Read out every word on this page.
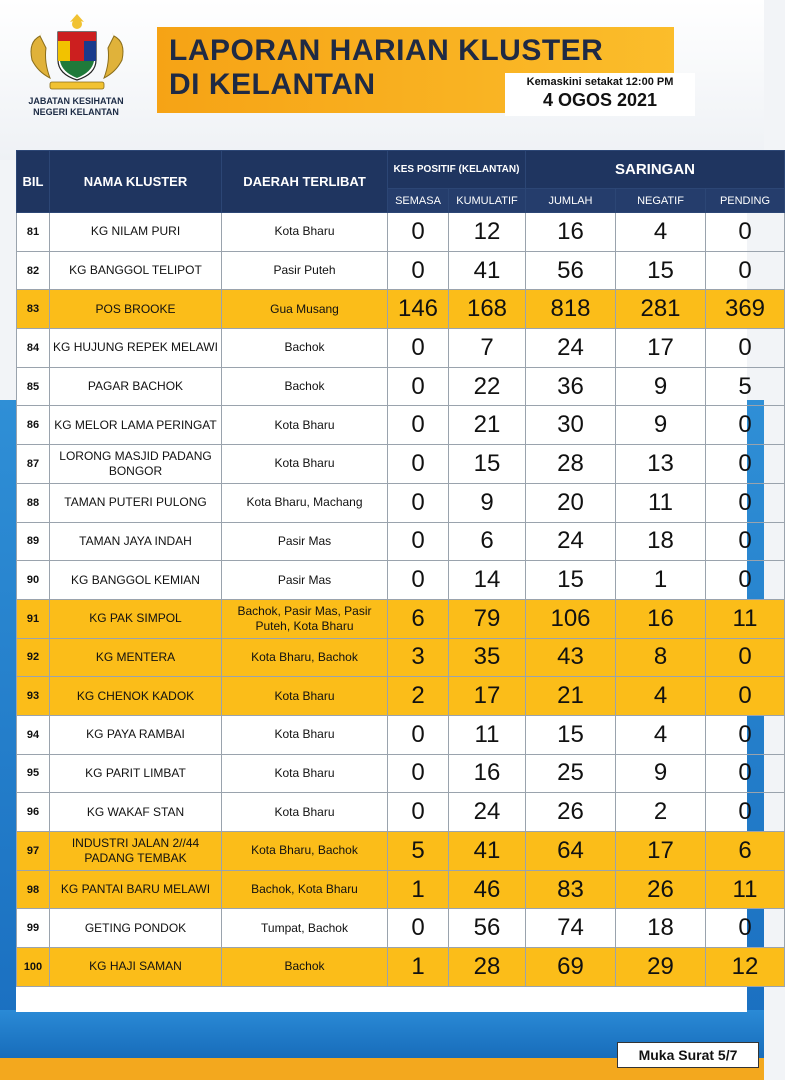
JABATAN KESIHATAN
NEGERI KELANTAN
LAPORAN HARIAN KLUSTER
DI KELANTAN	Kemaskini setakat 12:00 PM
4 OGOS 2021
BIL	NAMA KLUSTER	DAERAH TERLIBAT	KES POSITIF (KELANTAN)		SARINGAN		
			SEMASA	KUMULATIF	JUMLAH	NEGATIF	PENDING
81	KG NILAM PURI	Kota Bharu	0	12	16	4	0
82	KG BANGGOL TELIPOT	Pasir Puteh	0	41	56	15	0
83	POS BROOKE	Gua Musang	146	168	818	281	369
84	KG HUJUNG REPEK MELAWI	Bachok	0	7	24	17	0
85	PAGAR BACHOK	Bachok	0	22	36	9	5
86	KG MELOR LAMA PERINGAT	Kota Bharu	0	21	30	9	0
87	LORONG MASJID PADANG BONGOR	Kota Bharu	0	15	28	13	0
88	TAMAN PUTERI PULONG	Kota Bharu, Machang	0	9	20	11	0
89	TAMAN JAYA INDAH	Pasir Mas	0	6	24	18	0
90	KG BANGGOL KEMIAN	Pasir Mas	0	14	15	1	0
91	KG PAK SIMPOL	Bachok, Pasir Mas, Pasir Puteh, Kota Bharu	6	79	106	16	11
92	KG MENTERA	Kota Bharu, Bachok	3	35	43	8	0
93	KG CHENOK KADOK	Kota Bharu	2	17	21	4	0
94	KG PAYA RAMBAI	Kota Bharu	0	11	15	4	0
95	KG PARIT LIMBAT	Kota Bharu	0	16	25	9	0
96	KG WAKAF STAN	Kota Bharu	0	24	26	2	0
97	INDUSTRI JALAN 2//44 PADANG TEMBAK	Kota Bharu, Bachok	5	41	64	17	6
98	KG PANTAI BARU MELAWI	Bachok, Kota Bharu	1	46	83	26	11
99	GETING PONDOK	Tumpat, Bachok	0	56	74	18	0
100	KG HAJI SAMAN	Bachok	1	28	69	29	12
Muka Surat 5/7
